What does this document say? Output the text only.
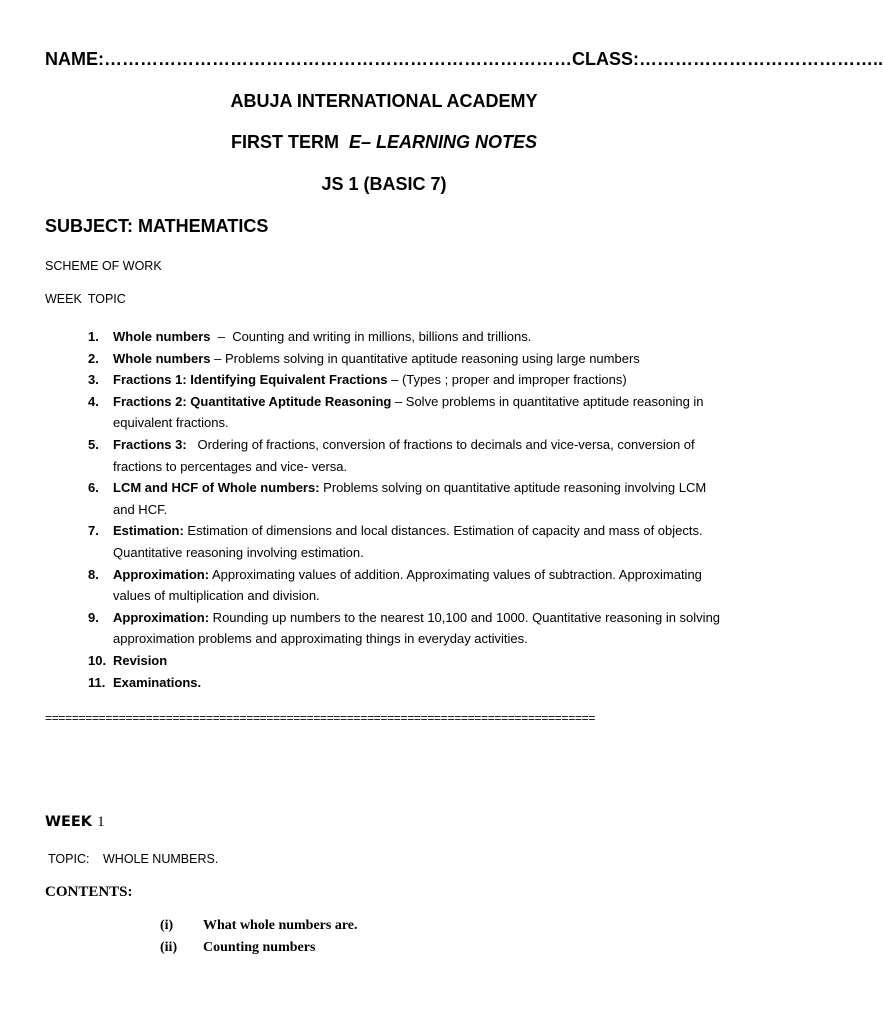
NAME:……………………………………………………………………CLASS:…………………………………..
ABUJA INTERNATIONAL ACADEMY
FIRST TERM E– LEARNING NOTES
JS 1 (BASIC 7)
SUBJECT: MATHEMATICS
SCHEME OF WORK
WEEK TOPIC
1. Whole numbers  –  Counting and writing in millions, billions and trillions.
2. Whole numbers – Problems solving in quantitative aptitude reasoning using large numbers
3. Fractions 1: Identifying Equivalent Fractions – (Types ; proper and improper fractions)
4. Fractions 2: Quantitative Aptitude Reasoning – Solve problems in quantitative aptitude reasoning in equivalent fractions.
5. Fractions 3:   Ordering of fractions, conversion of fractions to decimals and vice-versa, conversion of fractions to percentages and vice- versa.
6. LCM and HCF of Whole numbers: Problems solving on quantitative aptitude reasoning involving LCM and HCF.
7. Estimation: Estimation of dimensions and local distances. Estimation of capacity and mass of objects. Quantitative reasoning involving estimation.
8. Approximation: Approximating values of addition. Approximating values of subtraction. Approximating values of multiplication and division.
9. Approximation: Rounding up numbers to the nearest 10,100 and 1000. Quantitative reasoning in solving approximation problems and approximating things in everyday activities.
10. Revision
11. Examinations.
==================================================================================
WEEK 1
TOPIC: WHOLE NUMBERS.
CONTENTS:
(i) What whole numbers are.
(ii) Counting numbers
